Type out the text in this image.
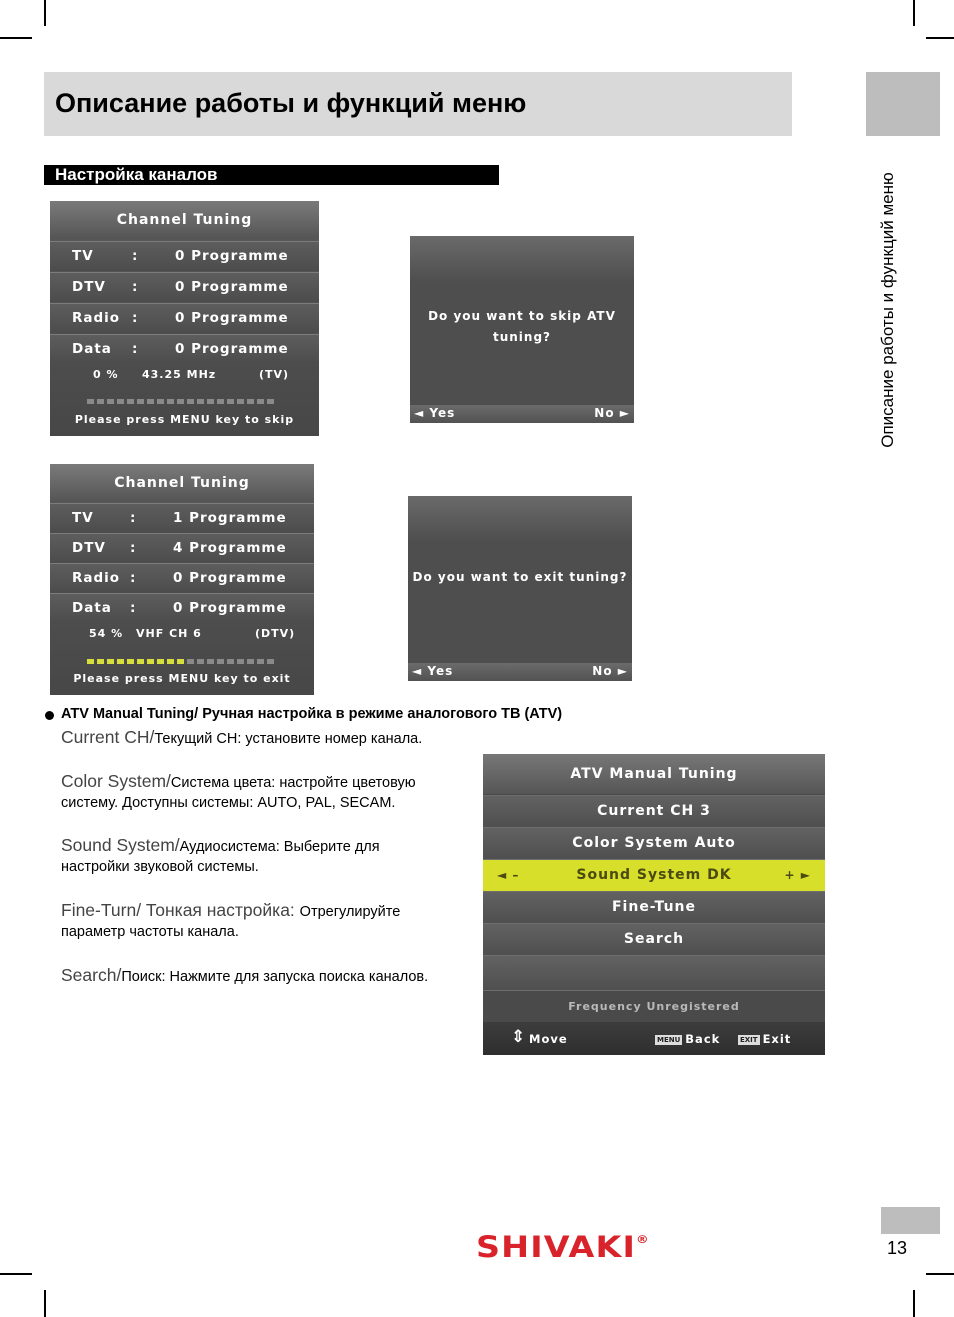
Описание работы и функций меню
Описание работы и функций меню
Настройка каналов
Channel Tuning
TV	:	0 Programme
DTV :	0 Programme
Radio :	0 Programme
Data :	0 Programme
0 % 43.25 MHz	(TV)
Please press MENU key to skip
Do you want to skip ATV
tuning?
◄ Yes	No ►
Channel Tuning
TV	:	1 Programme
DTV :	4 Programme
Radio :	0 Programme
Data :	0 Programme
54 % VHF CH 6	(DTV)
Please press MENU key to exit
Do you want to exit tuning?
◄ Yes	No ►
ATV Manual Tuning/ Ручная настройка в режиме аналогового ТВ (ATV)
Current CH/Текущий CH: установите номер канала.
Color System/Система цвета: настройте цветовую систему. Доступны системы: AUTO, PAL, SECAM.
Sound System/Аудиосистема: Выберите для настройки звуковой системы.
Fine-Turn/ Тонкая настройка: Отрегулируйте параметр частоты канала.
Search/Поиск: Нажмите для запуска поиска каналов.
ATV Manual Tuning
Current CH 3
Color System Auto
◄ –	Sound System DK	+ ►
Fine-Tune
Search
Frequency Unregistered
⇕ Move	MENU Back	EXIT Exit
SHIVAKI®	13
